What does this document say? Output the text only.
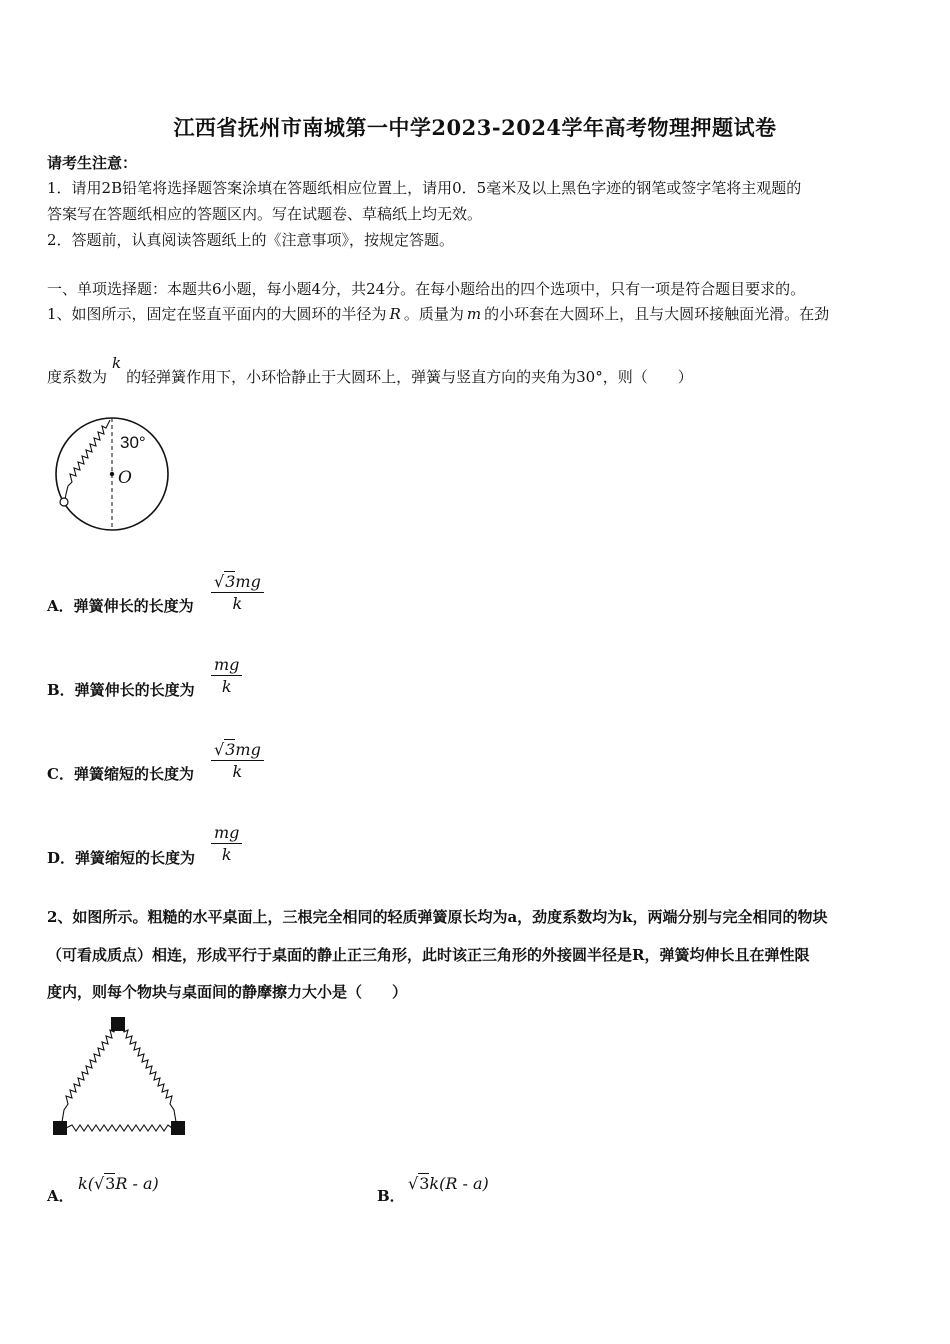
江西省抚州市南城第一中学2023-2024学年高考物理押题试卷
请考生注意：
1．请用2B铅笔将选择题答案涂填在答题纸相应位置上，请用0．5毫米及以上黑色字迹的钢笔或签字笔将主观题的
答案写在答题纸相应的答题区内。写在试题卷、草稿纸上均无效。
2．答题前，认真阅读答题纸上的《注意事项》，按规定答题。
一、单项选择题：本题共6小题，每小题4分，共24分。在每小题给出的四个选项中，只有一项是符合题目要求的。
1、如图所示，固定在竖直平面内的大圆环的半径为 R 。质量为 m 的小环套在大圆环上，且与大圆环接触面光滑。在劲
度系数为k的轻弹簧作用下，小环恰静止于大圆环上，弹簧与竖直方向的夹角为30°，则（　　）
30°
O
A．弹簧伸长的长度为 $\frac{√3mg}{k}$
B．弹簧伸长的长度为 $\frac{mg}{k}$
C．弹簧缩短的长度为 $\frac{√3mg}{k}$
D．弹簧缩短的长度为 $\frac{mg}{k}$
2、如图所示。粗糙的水平桌面上，三根完全相同的轻质弹簧原长均为a，劲度系数均为k，两端分别与完全相同的物块
（可看成质点）相连，形成平行于桌面的静止正三角形，此时该正三角形的外接圆半径是R，弹簧均伸长且在弹性限
度内，则每个物块与桌面间的静摩擦力大小是（　　）
A．
k(√3R - a)
B．
√3k(R - a)
